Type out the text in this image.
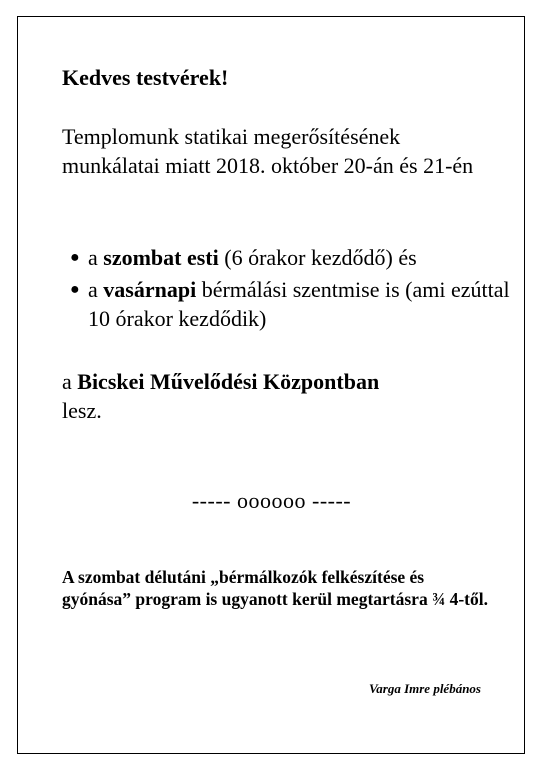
Kedves testvérek!

Templomunk statikai megerősítésének munkálatai miatt 2018. október 20-án és 21-én

● a szombat esti (6 órakor kezdődő) és
● a vasárnapi bérmálási szentmise is (ami ezúttal 10 órakor kezdődik)

a Bicskei Művelődési Központban
lesz.

----- oooooo -----

A szombat délutáni „bérmálkozók felkészítése és gyónása” program is ugyanott kerül megtartásra ¾ 4-től.

Varga Imre plébános
